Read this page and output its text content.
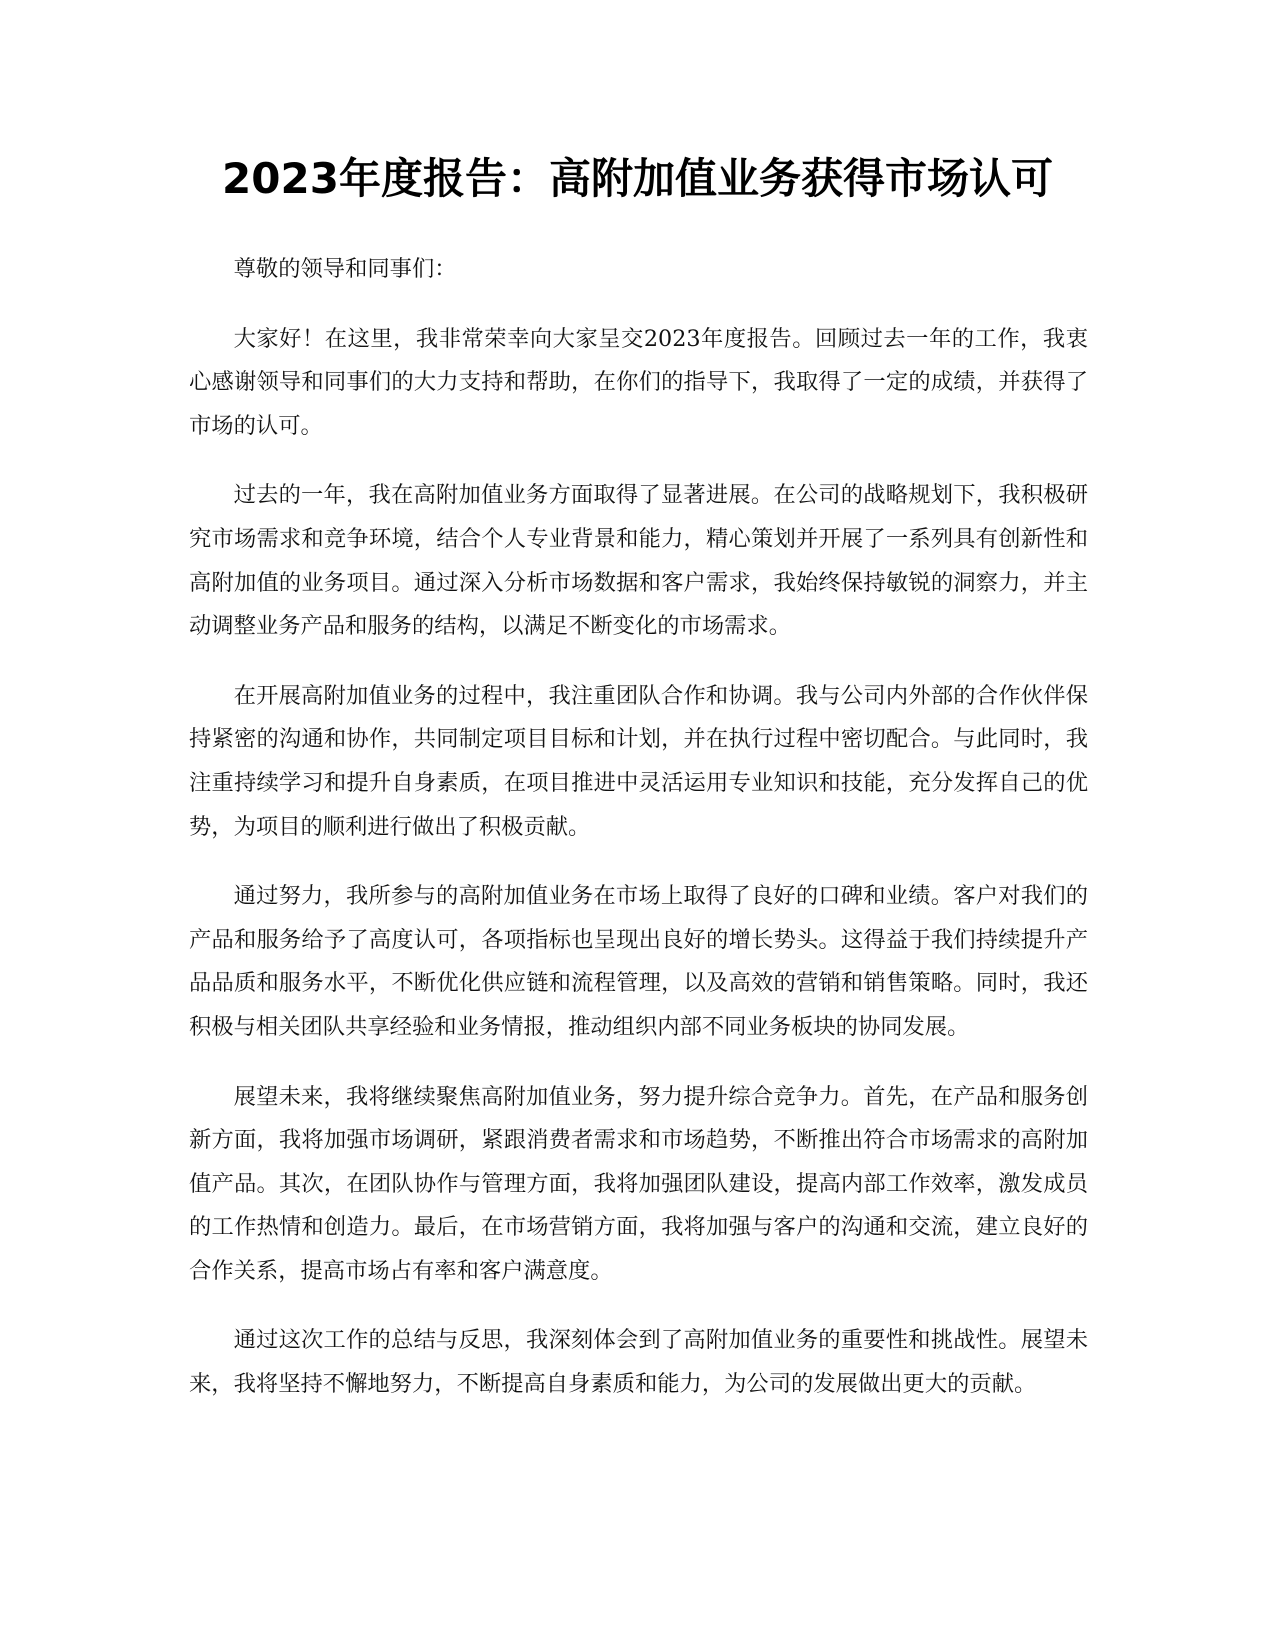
2023年度报告：高附加值业务获得市场认可

尊敬的领导和同事们：

大家好！在这里，我非常荣幸向大家呈交2023年度报告。回顾过去一年的工作，我衷心感谢领导和同事们的大力支持和帮助，在你们的指导下，我取得了一定的成绩，并获得了市场的认可。

过去的一年，我在高附加值业务方面取得了显著进展。在公司的战略规划下，我积极研究市场需求和竞争环境，结合个人专业背景和能力，精心策划并开展了一系列具有创新性和高附加值的业务项目。通过深入分析市场数据和客户需求，我始终保持敏锐的洞察力，并主动调整业务产品和服务的结构，以满足不断变化的市场需求。

在开展高附加值业务的过程中，我注重团队合作和协调。我与公司内外部的合作伙伴保持紧密的沟通和协作，共同制定项目目标和计划，并在执行过程中密切配合。与此同时，我注重持续学习和提升自身素质，在项目推进中灵活运用专业知识和技能，充分发挥自己的优势，为项目的顺利进行做出了积极贡献。

通过努力，我所参与的高附加值业务在市场上取得了良好的口碑和业绩。客户对我们的产品和服务给予了高度认可，各项指标也呈现出良好的增长势头。这得益于我们持续提升产品品质和服务水平，不断优化供应链和流程管理，以及高效的营销和销售策略。同时，我还积极与相关团队共享经验和业务情报，推动组织内部不同业务板块的协同发展。

展望未来，我将继续聚焦高附加值业务，努力提升综合竞争力。首先，在产品和服务创新方面，我将加强市场调研，紧跟消费者需求和市场趋势，不断推出符合市场需求的高附加值产品。其次，在团队协作与管理方面，我将加强团队建设，提高内部工作效率，激发成员的工作热情和创造力。最后，在市场营销方面，我将加强与客户的沟通和交流，建立良好的合作关系，提高市场占有率和客户满意度。

通过这次工作的总结与反思，我深刻体会到了高附加值业务的重要性和挑战性。展望未来，我将坚持不懈地努力，不断提高自身素质和能力，为公司的发展做出更大的贡献。
